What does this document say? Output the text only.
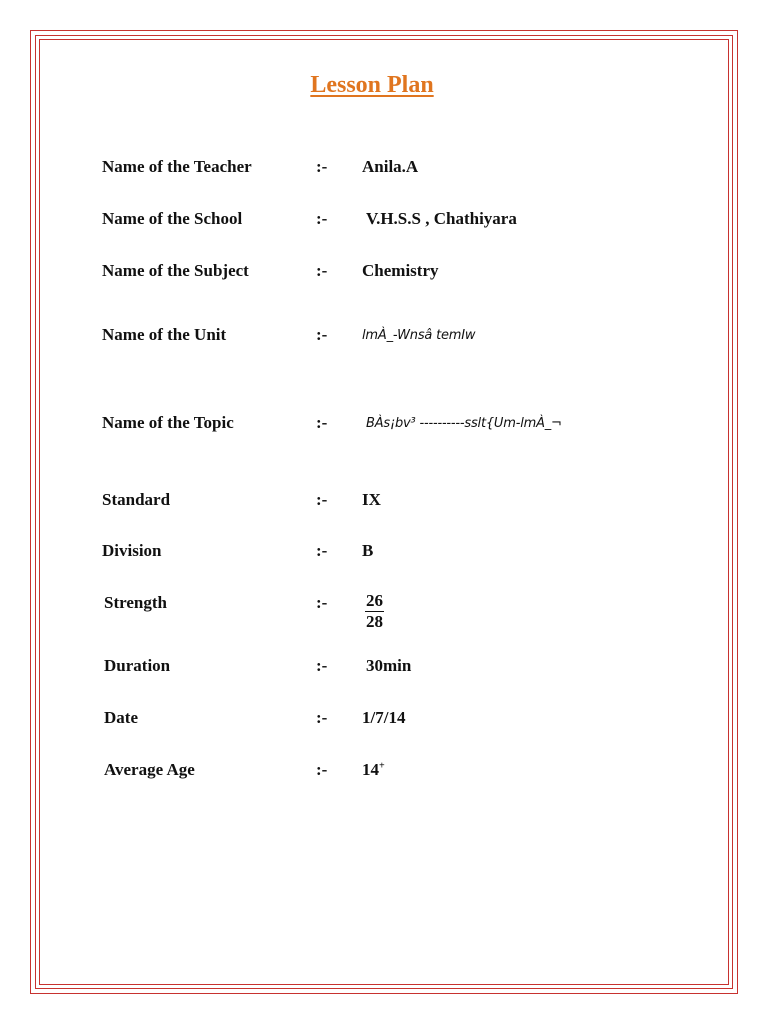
Lesson Plan
Name of the Teacher	:- Anila.A
Name of the School	:- V.H.S.S , Chathiyara
Name of the Subject	:- Chemistry
Name of the Unit	:-	lmÀ_-Wnsâ temIw
Name of the Topic	:-	BÀs¡bv³ ----------sslt{Um-lmÀ_¬
Standard	:- IX
Division	:- B
Strength	:- $\frac{26}{28}$
Duration	:- 30min
Date	:- 1/7/14
Average Age	:- 14+
